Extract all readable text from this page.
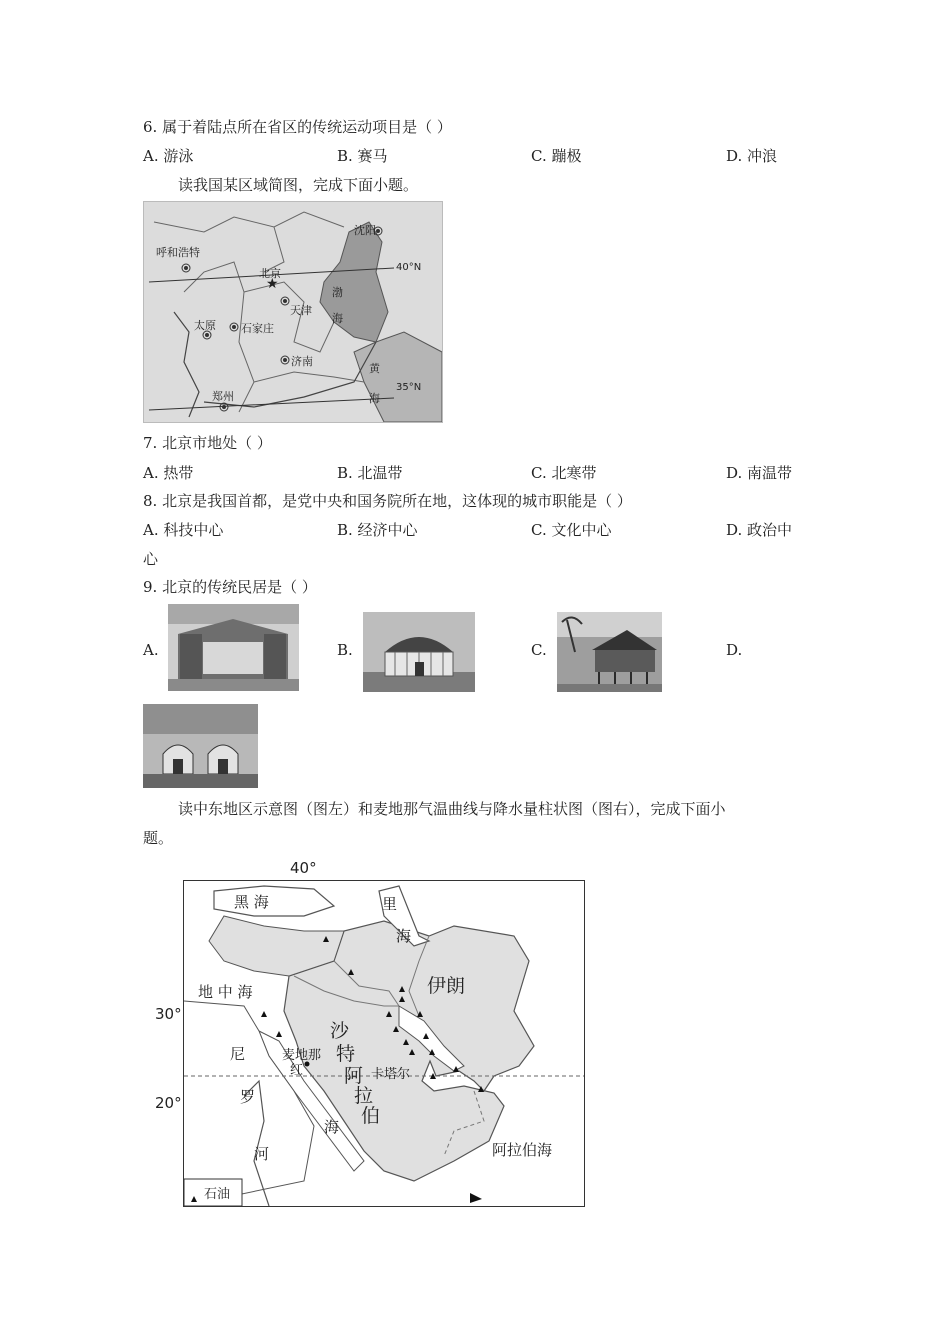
6. 属于着陆点所在省区的传统运动项目是（ ）
A. 游泳	B. 赛马	C. 蹦极	D. 冲浪
读我国某区域简图，完成下面小题。
★
沈阳
呼和浩特
北京	40°N
天津
渤
海
太原 石家庄
济南
黄
海
35°N
郑州
7. 北京市地处（ ）
A. 热带	B. 北温带	C. 北寒带	D. 南温带
8. 北京是我国首都，是党中央和国务院所在地，这体现的城市职能是（ ）
A. 科技中心	B. 经济中心	C. 文化中心	D. 政治中
心
9. 北京的传统民居是（ ）
A.	B.	C.	D.
读中东地区示意图（图左）和麦地那气温曲线与降水量柱状图（图右），完成下面小
题。
40°
30°
20°
黑 海	里
海
伊朗
地 中 海
沙
特
阿
拉
伯
尼
罗
河
麦地那
红
海
卡塔尔
阿拉伯海
石油
